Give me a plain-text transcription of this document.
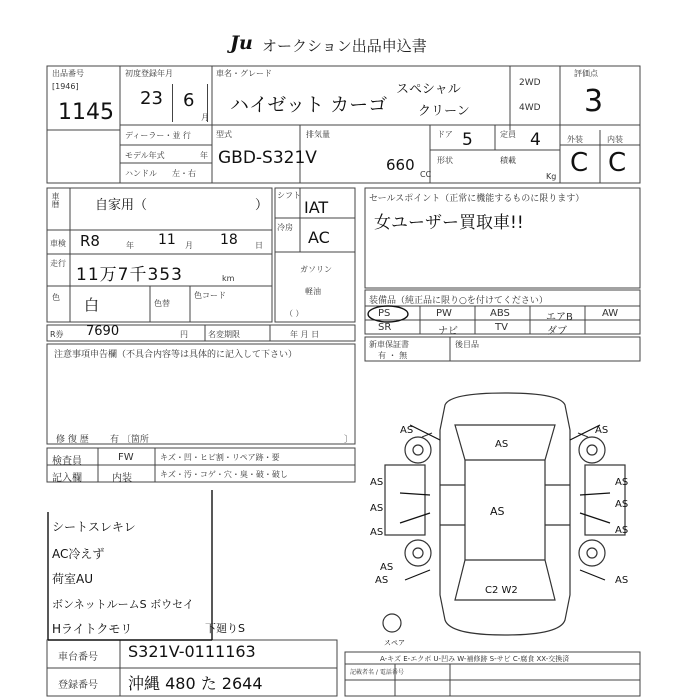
Ju オークション出品申込書
出品番号
[1946]
1145
初度登録年月
23 6
月
車名・グレード
ハイゼット カーゴ
スペシャル
クリーン
2WD
4WD
評価点
3
ディーラー・並 行
モデル年式	年
ハンドル 左・右
型式
GBD-S321V
排気量
660
CC
ドア 5	定員 4
形状	積載
Kg
外装	内装
C C
車暦	自家用（	）
車検 R8	年 11 月 18 日
走行
11万7千353	km
色 白	色替
色コード
シフト
IAT
冷房
AC
ガソリン
軽油
（ ）
R券 7690	円	名変期限	年 月 日
注意事項申告欄（不具合内容等は具体的に記入して下さい）
修 復 歴 有 〔箇所	〕
セールスポイント（正常に機能するものに限ります）
女ユーザー買取車!!
装備品（純正品に限り○を付けてください）
PS	PW	ABS	エアB	AW
SR	ナビ	TV	ダブ
新車保証書
有 ・ 無
後目品
検査員
記入欄
FW	キズ・凹・ヒビ割・リペア跡・要
内装	キズ・汚・コゲ・穴・臭・破・破し
シートスレキレ
AC冷えず
荷室AU
ボンネットルームS ボウセイ
Hライトクモリ	下廻りS
AS
AS
AS
AS	AS
AS	AS
AS	AS
AS	AS
AS
AS
C2 W2
スペア
A-キズ E-エクボ U-凹み W-補修跡 S-サビ C-腐食 XX-交換済
記載者名 / 電話番号
車台番号 S321V-0111163
登録番号 沖縄 480 た 2644
